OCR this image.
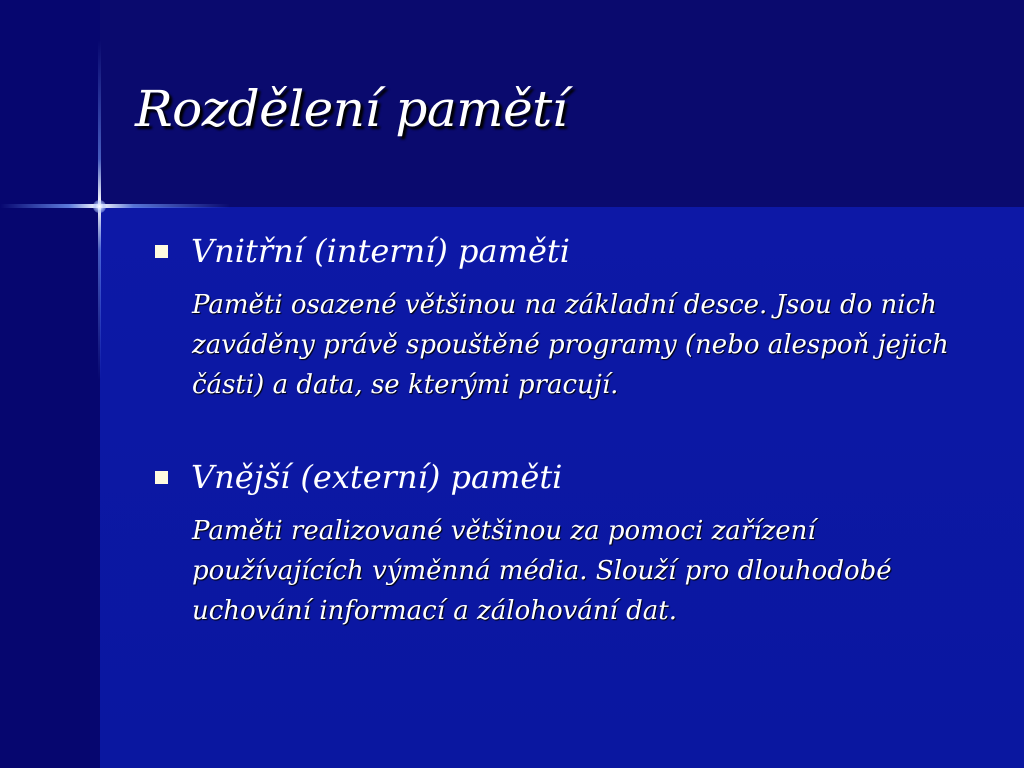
Rozdělení pamětí
Vnitřní (interní) paměti

Paměti osazené většinou na základní desce. Jsou do nich zaváděny právě spouštěné programy (nebo alespoň jejich části) a data, se kterými pracují.

Vnější (externí) paměti

Paměti realizované většinou za pomoci zařízení používajících výměnná média. Slouží pro dlouhodobé uchování informací a zálohování dat.
